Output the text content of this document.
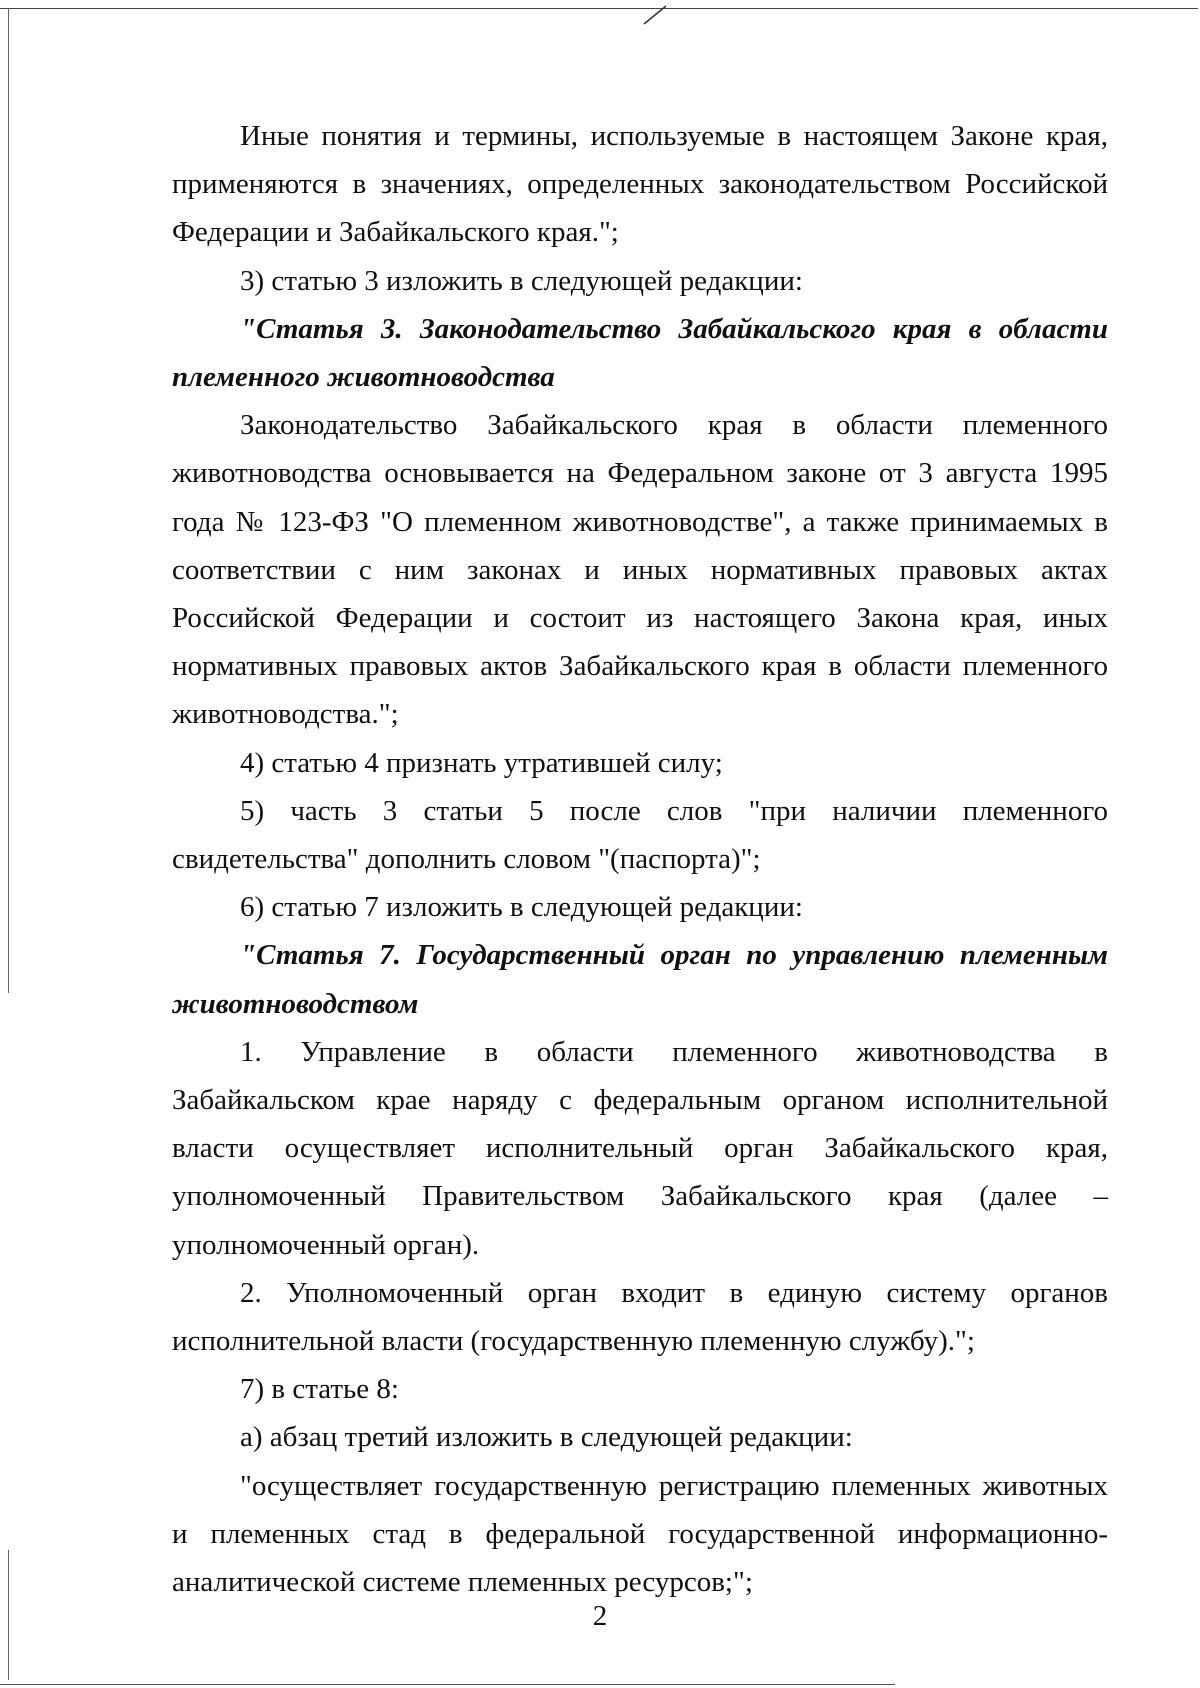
Иные понятия и термины, используемые в настоящем Законе края, применяются в значениях, определенных законодательством Российской Федерации и Забайкальского края.";

3) статью 3 изложить в следующей редакции:

"Статья 3. Законодательство Забайкальского края в области племенного животноводства

Законодательство Забайкальского края в области племенного животноводства основывается на Федеральном законе от 3 августа 1995 года № 123-ФЗ "О племенном животноводстве", а также принимаемых в соответствии с ним законах и иных нормативных правовых актах Российской Федерации и состоит из настоящего Закона края, иных нормативных правовых актов Забайкальского края в области племенного животноводства.";

4) статью 4 признать утратившей силу;

5) часть 3 статьи 5 после слов "при наличии племенного свидетельства" дополнить словом "(паспорта)";

6) статью 7 изложить в следующей редакции:

"Статья 7. Государственный орган по управлению племенным животноводством

1. Управление в области племенного животноводства в Забайкальском крае наряду с федеральным органом исполнительной власти осуществляет исполнительный орган Забайкальского края, уполномоченный Правительством Забайкальского края (далее – уполномоченный орган).

2. Уполномоченный орган входит в единую систему органов исполнительной власти (государственную племенную службу).";

7) в статье 8:

а) абзац третий изложить в следующей редакции:

"осуществляет государственную регистрацию племенных животных и племенных стад в федеральной государственной информационно-аналитической системе племенных ресурсов;";

2
